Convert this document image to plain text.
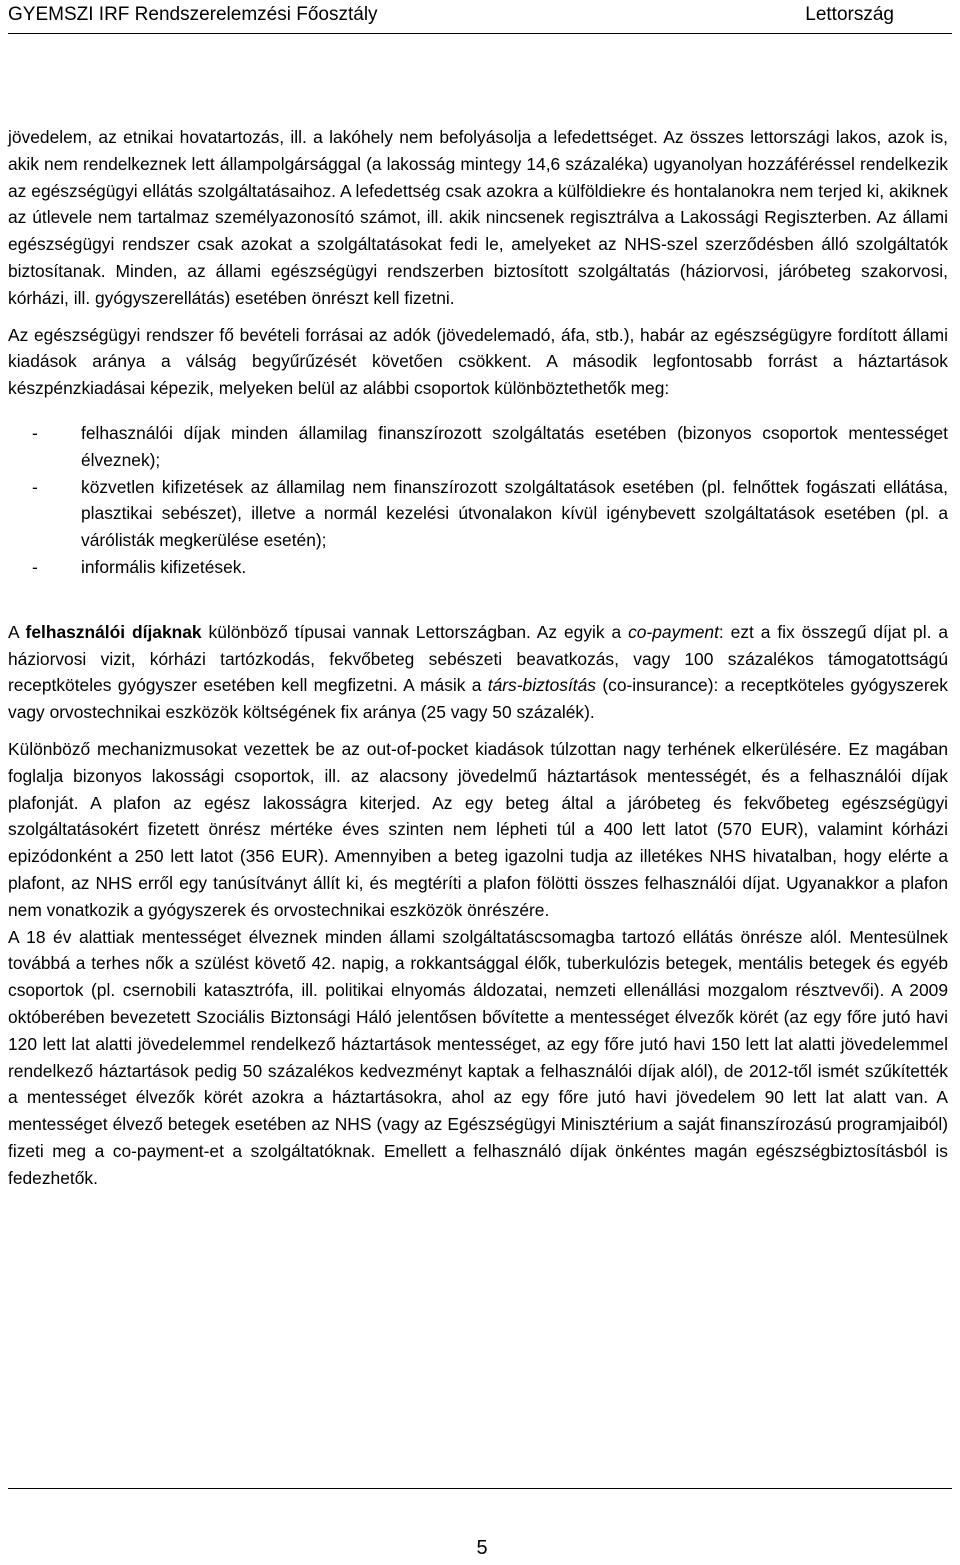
GYEMSZI IRF Rendszerelemzési Főosztály	Lettország

jövedelem, az etnikai hovatartozás, ill. a lakóhely nem befolyásolja a lefedettséget. Az összes lettországi lakos, azok is, akik nem rendelkeznek lett állampolgársággal (a lakosság mintegy 14,6 százaléka) ugyanolyan hozzáféréssel rendelkezik az egészségügyi ellátás szolgáltatásaihoz. A lefedettség csak azokra a külföldiekre és hontalanokra nem terjed ki, akiknek az útlevele nem tartalmaz személyazonosító számot, ill. akik nincsenek regisztrálva a Lakossági Regiszterben. Az állami egészségügyi rendszer csak azokat a szolgáltatásokat fedi le, amelyeket az NHS-szel szerződésben álló szolgáltatók biztosítanak. Minden, az állami egészségügyi rendszerben biztosított szolgáltatás (háziorvosi, járóbeteg szakorvosi, kórházi, ill. gyógyszerellátás) esetében önrészt kell fizetni.

Az egészségügyi rendszer fő bevételi forrásai az adók (jövedelemadó, áfa, stb.), habár az egészségügyre fordított állami kiadások aránya a válság begyűrűzését követően csökkent. A második legfontosabb forrást a háztartások készpénzkiadásai képezik, melyeken belül az alábbi csoportok különböztethetők meg:

- felhasználói díjak minden államilag finanszírozott szolgáltatás esetében (bizonyos csoportok mentességet élveznek);
- közvetlen kifizetések az államilag nem finanszírozott szolgáltatások esetében (pl. felnőttek fogászati ellátása, plasztikai sebészet), illetve a normál kezelési útvonalakon kívül igénybevett szolgáltatások esetében (pl. a várólisták megkerülése esetén);
- informális kifizetések.

A felhasználói díjaknak különböző típusai vannak Lettországban. Az egyik a co-payment: ezt a fix összegű díjat pl. a háziorvosi vizit, kórházi tartózkodás, fekvőbeteg sebészeti beavatkozás, vagy 100 százalékos támogatottságú receptköteles gyógyszer esetében kell megfizetni. A másik a társ-biztosítás (co-insurance): a receptköteles gyógyszerek vagy orvostechnikai eszközök költségének fix aránya (25 vagy 50 százalék).

Különböző mechanizmusokat vezettek be az out-of-pocket kiadások túlzottan nagy terhének elkerülésére. Ez magában foglalja bizonyos lakossági csoportok, ill. az alacsony jövedelmű háztartások mentességét, és a felhasználói díjak plafonját. A plafon az egész lakosságra kiterjed. Az egy beteg által a járóbeteg és fekvőbeteg egészségügyi szolgáltatásokért fizetett önrész mértéke éves szinten nem lépheti túl a 400 lett latot (570 EUR), valamint kórházi epizódonként a 250 lett latot (356 EUR). Amennyiben a beteg igazolni tudja az illetékes NHS hivatalban, hogy elérte a plafont, az NHS erről egy tanúsítványt állít ki, és megtéríti a plafon fölötti összes felhasználói díjat. Ugyanakkor a plafon nem vonatkozik a gyógyszerek és orvostechnikai eszközök önrészére.

A 18 év alattiak mentességet élveznek minden állami szolgáltatáscsomagba tartozó ellátás önrésze alól. Mentesülnek továbbá a terhes nők a szülést követő 42. napig, a rokkantsággal élők, tuberkulózis betegek, mentális betegek és egyéb csoportok (pl. csernobili katasztrófa, ill. politikai elnyomás áldozatai, nemzeti ellenállási mozgalom résztvevői). A 2009 októberében bevezetett Szociális Biztonsági Háló jelentősen bővítette a mentességet élvezők körét (az egy főre jutó havi 120 lett lat alatti jövedelemmel rendelkező háztartások mentességet, az egy főre jutó havi 150 lett lat alatti jövedelemmel rendelkező háztartások pedig 50 százalékos kedvezményt kaptak a felhasználói díjak alól), de 2012-től ismét szűkítették a mentességet élvezők körét azokra a háztartásokra, ahol az egy főre jutó havi jövedelem 90 lett lat alatt van. A mentességet élvező betegek esetében az NHS (vagy az Egészségügyi Minisztérium a saját finanszírozású programjaiból) fizeti meg a co-payment-et a szolgáltatóknak. Emellett a felhasználó díjak önkéntes magán egészségbiztosításból is fedezhetők.

5
